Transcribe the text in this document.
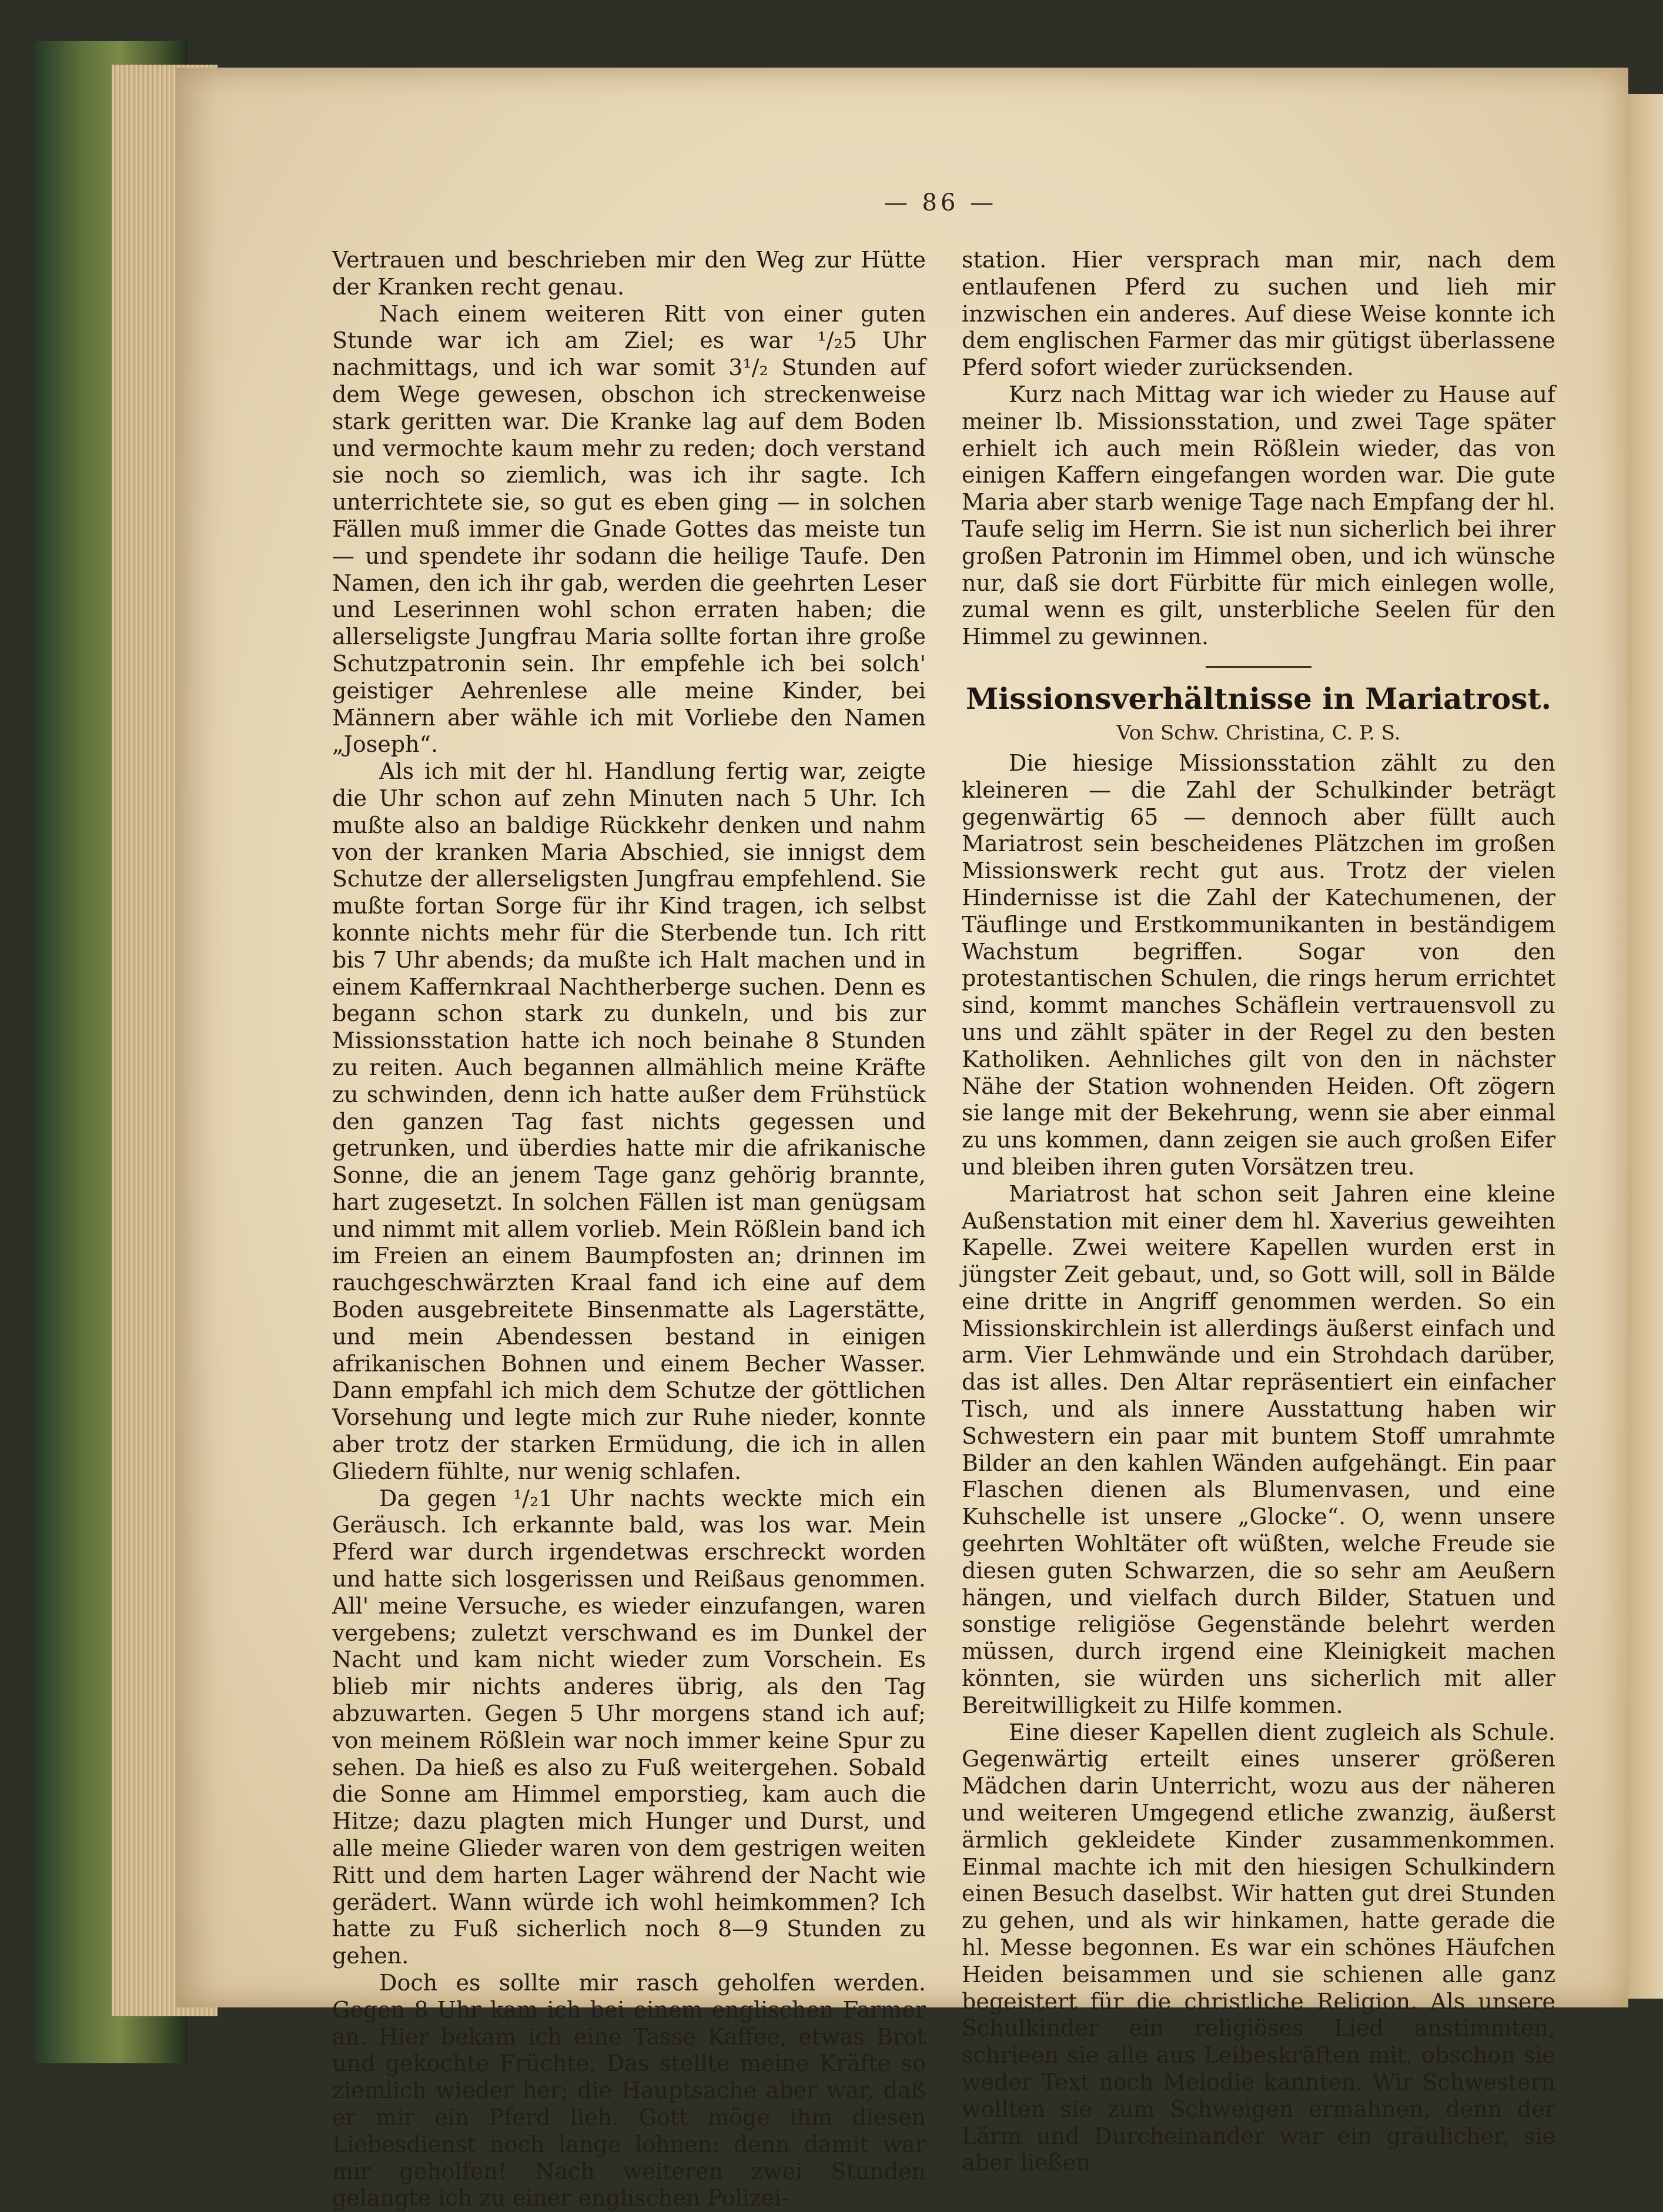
— 86 —

Vertrauen und beschrieben mir den Weg zur Hütte der Kranken recht genau.

Nach einem weiteren Ritt von einer guten Stunde war ich am Ziel; es war ¹/₂5 Uhr nachmittags, und ich war somit 3¹/₂ Stunden auf dem Wege gewesen, obschon ich streckenweise stark geritten war. Die Kranke lag auf dem Boden und vermochte kaum mehr zu reden; doch verstand sie noch so ziemlich, was ich ihr sagte. Ich unterrichtete sie, so gut es eben ging — in solchen Fällen muß immer die Gnade Gottes das meiste tun — und spendete ihr sodann die heilige Taufe. Den Namen, den ich ihr gab, werden die geehrten Leser und Leserinnen wohl schon erraten haben; die allerseligste Jungfrau Maria sollte fortan ihre große Schutzpatronin sein. Ihr empfehle ich bei solch' geistiger Aehrenlese alle meine Kinder, bei Männern aber wähle ich mit Vorliebe den Namen „Joseph“.

Als ich mit der hl. Handlung fertig war, zeigte die Uhr schon auf zehn Minuten nach 5 Uhr. Ich mußte also an baldige Rückkehr denken und nahm von der kranken Maria Abschied, sie innigst dem Schutze der allerseligsten Jungfrau empfehlend. Sie mußte fortan Sorge für ihr Kind tragen, ich selbst konnte nichts mehr für die Sterbende tun. Ich ritt bis 7 Uhr abends; da mußte ich Halt machen und in einem Kaffernkraal Nachtherberge suchen. Denn es begann schon stark zu dunkeln, und bis zur Missionsstation hatte ich noch beinahe 8 Stunden zu reiten. Auch begannen allmählich meine Kräfte zu schwinden, denn ich hatte außer dem Frühstück den ganzen Tag fast nichts gegessen und getrunken, und überdies hatte mir die afrikanische Sonne, die an jenem Tage ganz gehörig brannte, hart zugesetzt. In solchen Fällen ist man genügsam und nimmt mit allem vorlieb. Mein Rößlein band ich im Freien an einem Baumpfosten an; drinnen im rauchgeschwärzten Kraal fand ich eine auf dem Boden ausgebreitete Binsenmatte als Lagerstätte, und mein Abendessen bestand in einigen afrikanischen Bohnen und einem Becher Wasser. Dann empfahl ich mich dem Schutze der göttlichen Vorsehung und legte mich zur Ruhe nieder, konnte aber trotz der starken Ermüdung, die ich in allen Gliedern fühlte, nur wenig schlafen.

Da gegen ¹/₂1 Uhr nachts weckte mich ein Geräusch. Ich erkannte bald, was los war. Mein Pferd war durch irgendetwas erschreckt worden und hatte sich losgerissen und Reißaus genommen. All' meine Versuche, es wieder einzufangen, waren vergebens; zuletzt verschwand es im Dunkel der Nacht und kam nicht wieder zum Vorschein. Es blieb mir nichts anderes übrig, als den Tag abzuwarten. Gegen 5 Uhr morgens stand ich auf; von meinem Rößlein war noch immer keine Spur zu sehen. Da hieß es also zu Fuß weitergehen. Sobald die Sonne am Himmel emporstieg, kam auch die Hitze; dazu plagten mich Hunger und Durst, und alle meine Glieder waren von dem gestrigen weiten Ritt und dem harten Lager während der Nacht wie gerädert. Wann würde ich wohl heimkommen? Ich hatte zu Fuß sicherlich noch 8—9 Stunden zu gehen.

Doch es sollte mir rasch geholfen werden. Gegen 8 Uhr kam ich bei einem englischen Farmer an. Hier bekam ich eine Tasse Kaffee, etwas Brot und gekochte Früchte. Das stellte meine Kräfte so ziemlich wieder her; die Hauptsache aber war, daß er mir ein Pferd lieh. Gott möge ihm diesen Liebesdienst noch lange lohnen: denn damit war mir geholfen! Nach weiteren zwei Stunden gelangte ich zu einer englischen Polizei-

station. Hier versprach man mir, nach dem entlaufenen Pferd zu suchen und lieh mir inzwischen ein anderes. Auf diese Weise konnte ich dem englischen Farmer das mir gütigst überlassene Pferd sofort wieder zurücksenden.

Kurz nach Mittag war ich wieder zu Hause auf meiner lb. Missionsstation, und zwei Tage später erhielt ich auch mein Rößlein wieder, das von einigen Kaffern eingefangen worden war. Die gute Maria aber starb wenige Tage nach Empfang der hl. Taufe selig im Herrn. Sie ist nun sicherlich bei ihrer großen Patronin im Himmel oben, und ich wünsche nur, daß sie dort Fürbitte für mich einlegen wolle, zumal wenn es gilt, unsterbliche Seelen für den Himmel zu gewinnen.

Missionsverhältnisse in Mariatrost.
Von Schw. Christina, C. P. S.

Die hiesige Missionsstation zählt zu den kleineren — die Zahl der Schulkinder beträgt gegenwärtig 65 — dennoch aber füllt auch Mariatrost sein bescheidenes Plätzchen im großen Missionswerk recht gut aus. Trotz der vielen Hindernisse ist die Zahl der Katechumenen, der Täuflinge und Erstkommunikanten in beständigem Wachstum begriffen. Sogar von den protestantischen Schulen, die rings herum errichtet sind, kommt manches Schäflein vertrauensvoll zu uns und zählt später in der Regel zu den besten Katholiken. Aehnliches gilt von den in nächster Nähe der Station wohnenden Heiden. Oft zögern sie lange mit der Bekehrung, wenn sie aber einmal zu uns kommen, dann zeigen sie auch großen Eifer und bleiben ihren guten Vorsätzen treu.

Mariatrost hat schon seit Jahren eine kleine Außenstation mit einer dem hl. Xaverius geweihten Kapelle. Zwei weitere Kapellen wurden erst in jüngster Zeit gebaut, und, so Gott will, soll in Bälde eine dritte in Angriff genommen werden. So ein Missionskirchlein ist allerdings äußerst einfach und arm. Vier Lehmwände und ein Strohdach darüber, das ist alles. Den Altar repräsentiert ein einfacher Tisch, und als innere Ausstattung haben wir Schwestern ein paar mit buntem Stoff umrahmte Bilder an den kahlen Wänden aufgehängt. Ein paar Flaschen dienen als Blumenvasen, und eine Kuhschelle ist unsere „Glocke“. O, wenn unsere geehrten Wohltäter oft wüßten, welche Freude sie diesen guten Schwarzen, die so sehr am Aeußern hängen, und vielfach durch Bilder, Statuen und sonstige religiöse Gegenstände belehrt werden müssen, durch irgend eine Kleinigkeit machen könnten, sie würden uns sicherlich mit aller Bereitwilligkeit zu Hilfe kommen.

Eine dieser Kapellen dient zugleich als Schule. Gegenwärtig erteilt eines unserer größeren Mädchen darin Unterricht, wozu aus der näheren und weiteren Umgegend etliche zwanzig, äußerst ärmlich gekleidete Kinder zusammenkommen. Einmal machte ich mit den hiesigen Schulkindern einen Besuch daselbst. Wir hatten gut drei Stunden zu gehen, und als wir hinkamen, hatte gerade die hl. Messe begonnen. Es war ein schönes Häufchen Heiden beisammen und sie schienen alle ganz begeistert für die christliche Religion. Als unsere Schulkinder ein religiöses Lied anstimmten, schrieen sie alle aus Leibeskräften mit, obschon sie weder Text noch Melodie kannten. Wir Schwestern wollten sie zum Schweigen ermahnen, denn der Lärm und Durcheinander war ein gräulicher, sie aber ließen
